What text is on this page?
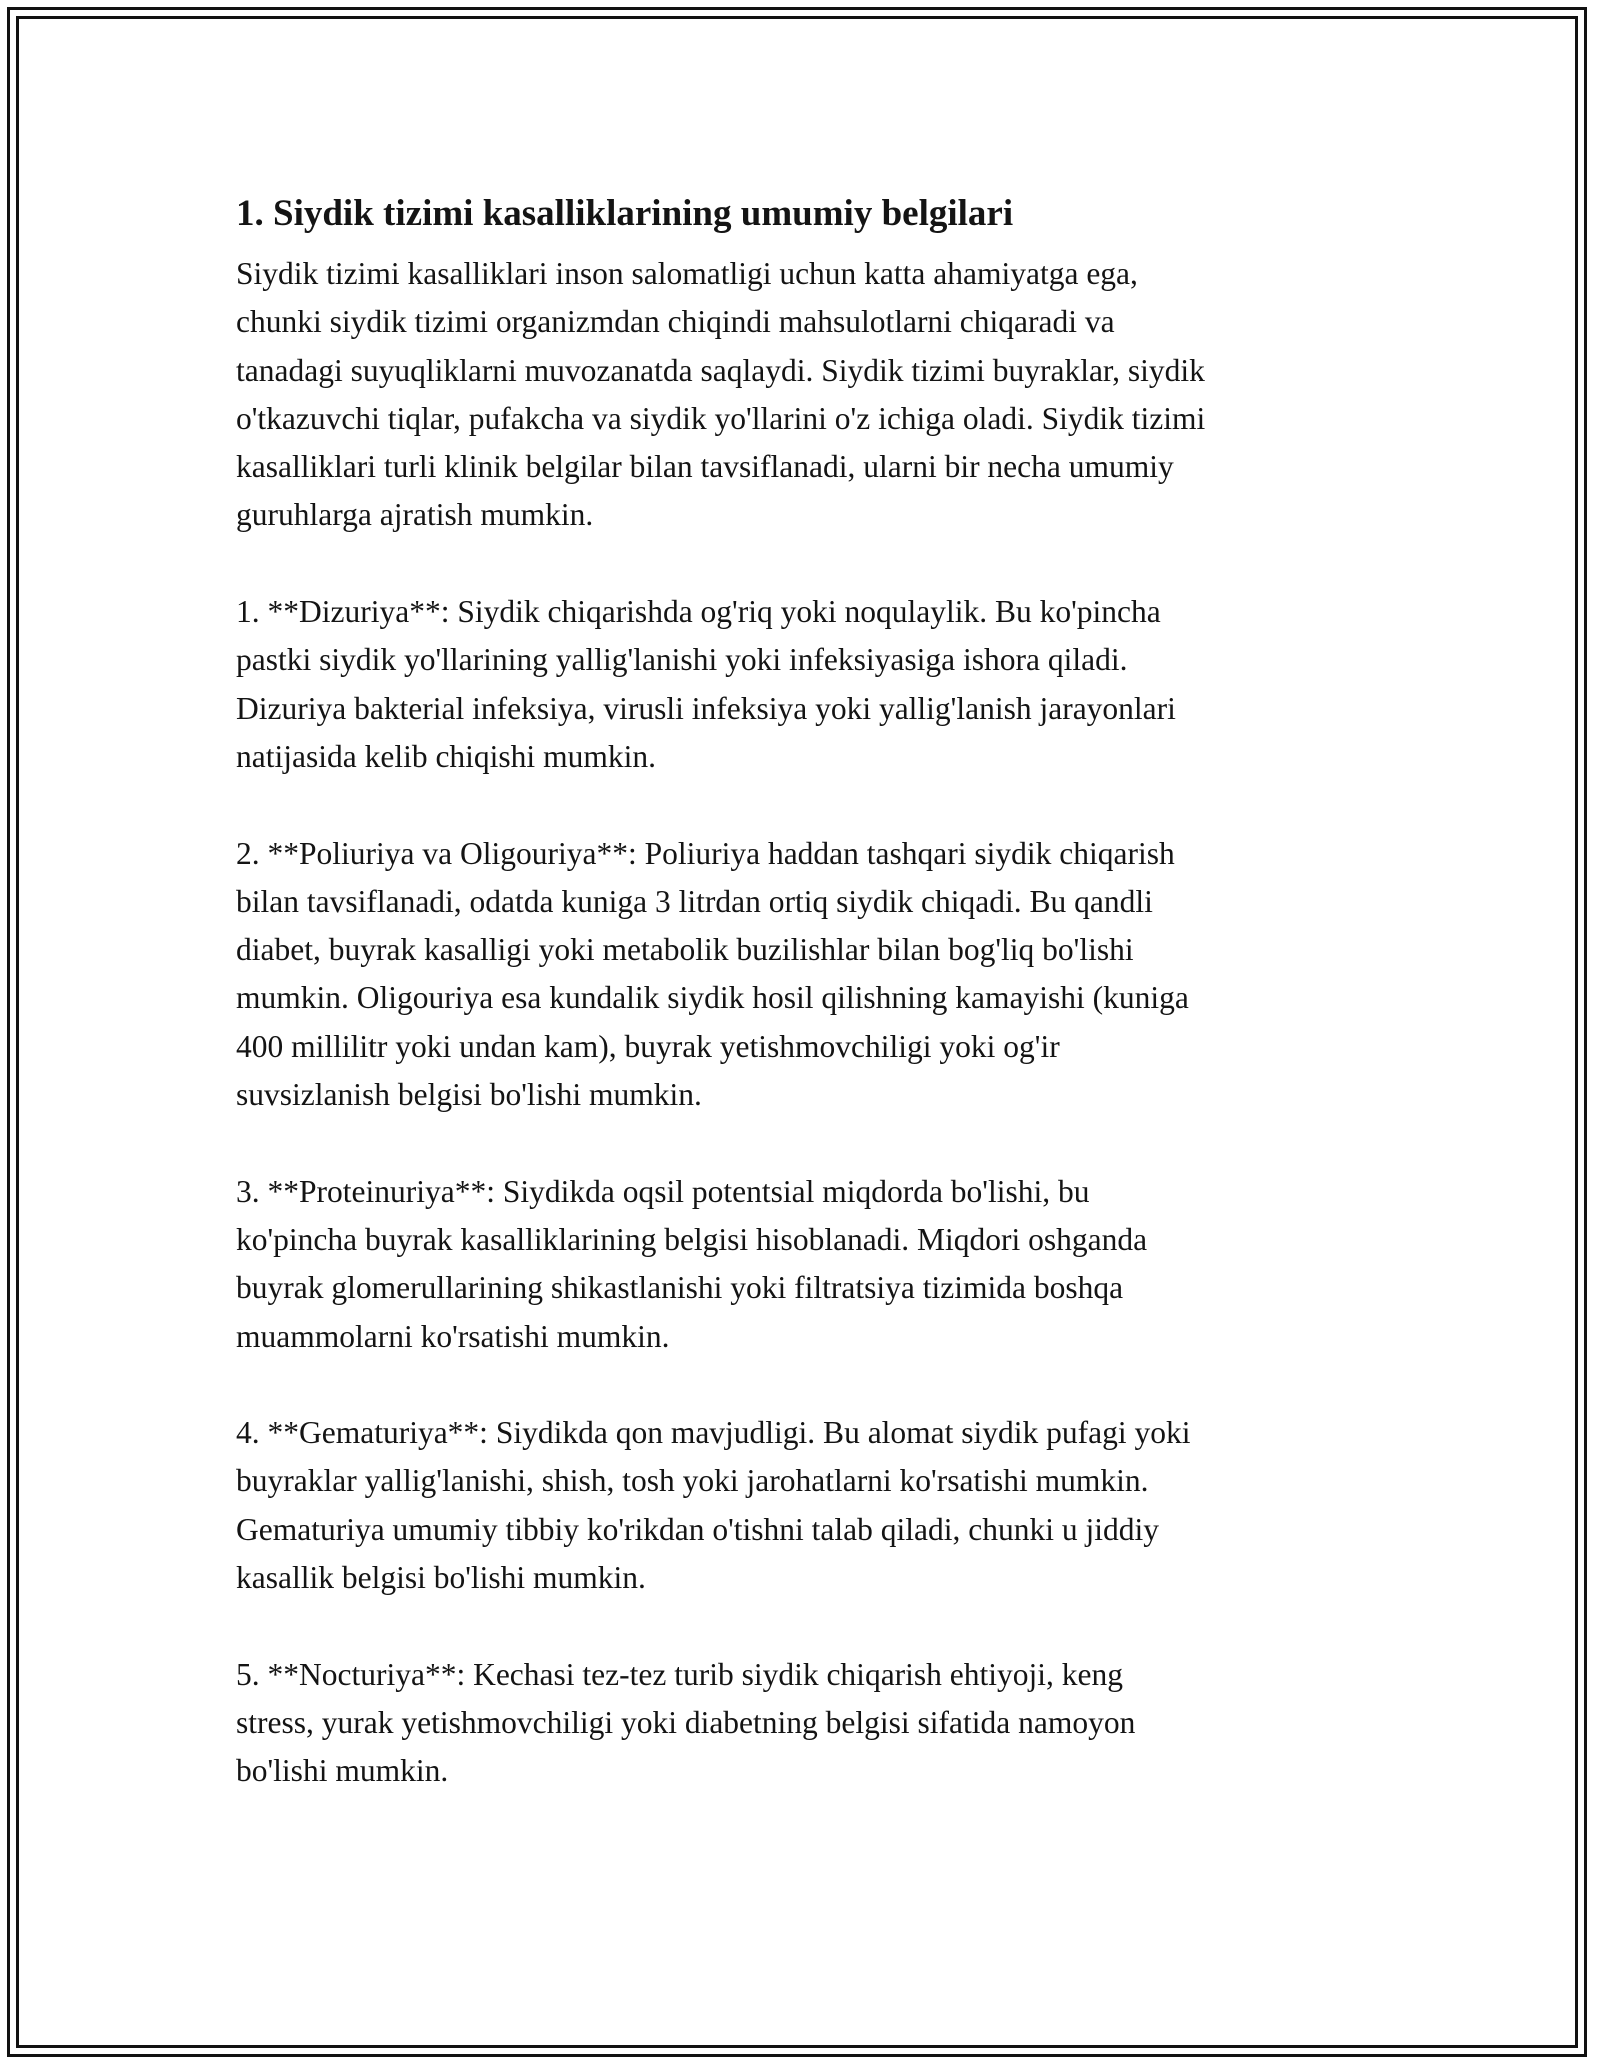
1. Siydik tizimi kasalliklarining umumiy belgilari

Siydik tizimi kasalliklari inson salomatligi uchun katta ahamiyatga ega,
chunki siydik tizimi organizmdan chiqindi mahsulotlarni chiqaradi va
tanadagi suyuqliklarni muvozanatda saqlaydi. Siydik tizimi buyraklar, siydik
o'tkazuvchi tiqlar, pufakcha va siydik yo'llarini o'z ichiga oladi. Siydik tizimi
kasalliklari turli klinik belgilar bilan tavsiflanadi, ularni bir necha umumiy
guruhlarga ajratish mumkin.

1. **Dizuriya**: Siydik chiqarishda og'riq yoki noqulaylik. Bu ko'pincha
pastki siydik yo'llarining yallig'lanishi yoki infeksiyasiga ishora qiladi.
Dizuriya bakterial infeksiya, virusli infeksiya yoki yallig'lanish jarayonlari
natijasida kelib chiqishi mumkin.

2. **Poliuriya va Oligouriya**: Poliuriya haddan tashqari siydik chiqarish
bilan tavsiflanadi, odatda kuniga 3 litrdan ortiq siydik chiqadi. Bu qandli
diabet, buyrak kasalligi yoki metabolik buzilishlar bilan bog'liq bo'lishi
mumkin. Oligouriya esa kundalik siydik hosil qilishning kamayishi (kuniga
400 millilitr yoki undan kam), buyrak yetishmovchiligi yoki og'ir
suvsizlanish belgisi bo'lishi mumkin.

3. **Proteinuriya**: Siydikda oqsil potentsial miqdorda bo'lishi, bu
ko'pincha buyrak kasalliklarining belgisi hisoblanadi. Miqdori oshganda
buyrak glomerullarining shikastlanishi yoki filtratsiya tizimida boshqa
muammolarni ko'rsatishi mumkin.

4. **Gematuriya**: Siydikda qon mavjudligi. Bu alomat siydik pufagi yoki
buyraklar yallig'lanishi, shish, tosh yoki jarohatlarni ko'rsatishi mumkin.
Gematuriya umumiy tibbiy ko'rikdan o'tishni talab qiladi, chunki u jiddiy
kasallik belgisi bo'lishi mumkin.

5. **Nocturiya**: Kechasi tez-tez turib siydik chiqarish ehtiyoji, keng
stress, yurak yetishmovchiligi yoki diabetning belgisi sifatida namoyon
bo'lishi mumkin.
